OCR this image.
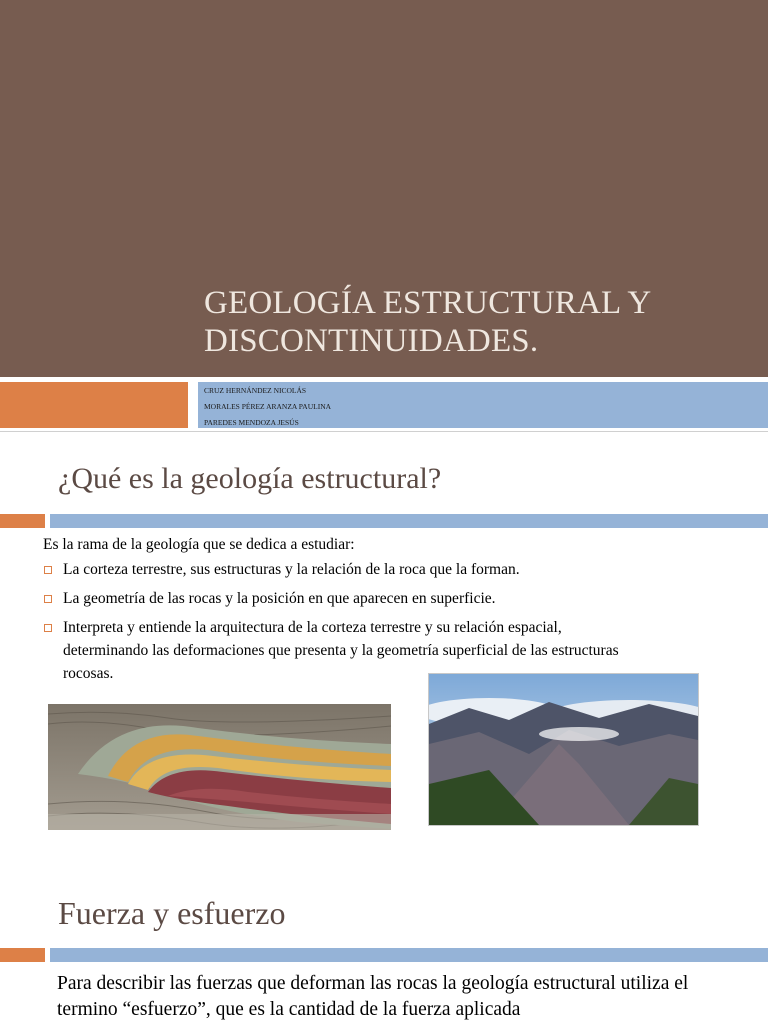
GEOLOGÍA ESTRUCTURAL Y
DISCONTINUIDADES.
CRUZ HERNÁNDEZ NICOLÁS
MORALES PÉREZ ARANZA PAULINA
PAREDES MENDOZA JESÚS
¿Qué es la geología estructural?
Es la rama de la geología que se dedica a estudiar:
La corteza terrestre, sus estructuras y la relación de la roca que la forman.
La geometría de las rocas y la posición en que aparecen en superficie.
Interpreta y entiende la arquitectura de la corteza terrestre y su relación espacial, determinando las deformaciones que presenta y la geometría superficial de las estructuras rocosas.
Fuerza y esfuerzo
Para describir las fuerzas que deforman las rocas la geología estructural utiliza el termino “esfuerzo”, que es la cantidad de la fuerza aplicada
